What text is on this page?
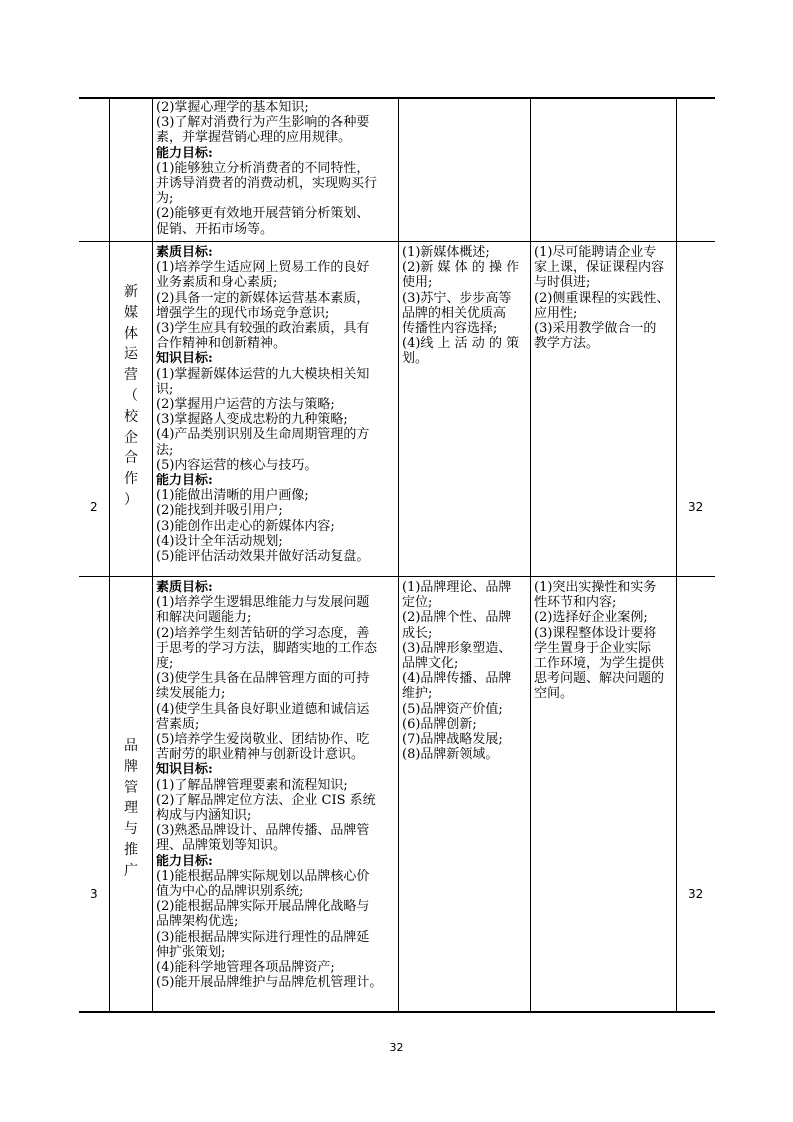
(2)掌握心理学的基本知识;
(3)了解对消费行为产生影响的各种要
素，并掌握营销心理的应用规律。
能力目标:
(1)能够独立分析消费者的不同特性，
并诱导消费者的消费动机，实现购买行
为;
(2)能够更有效地开展营销分析策划、
促销、开拓市场等。
2
新
媒
体
运
营
（
校
企
合
作
）
素质目标:
(1)培养学生适应网上贸易工作的良好
业务素质和身心素质;
(2)具备一定的新媒体运营基本素质，
增强学生的现代市场竞争意识;
(3)学生应具有较强的政治素质，具有
合作精神和创新精神。
知识目标:
(1)掌握新媒体运营的九大模块相关知
识;
(2)掌握用户运营的方法与策略;
(3)掌握路人变成忠粉的九种策略;
(4)产品类别识别及生命周期管理的方
法;
(5)内容运营的核心与技巧。
能力目标:
(1)能做出清晰的用户画像;
(2)能找到并吸引用户;
(3)能创作出走心的新媒体内容;
(4)设计全年活动规划;
(5)能评估活动效果并做好活动复盘。
(1)新媒体概述;
(2)新 媒 体 的 操 作
使用;
(3)苏宁、步步高等
品牌的相关优质高
传播性内容选择;
(4)线 上 活 动 的 策
划。
(1)尽可能聘请企业专
家上课，保证课程内容
与时俱进;
(2)侧重课程的实践性、
应用性;
(3)采用教学做合一的
教学方法。
32
3
品
牌
管
理
与
推
广
素质目标:
(1)培养学生逻辑思维能力与发展问题
和解决问题能力;
(2)培养学生刻苦钻研的学习态度，善
于思考的学习方法，脚踏实地的工作态
度;
(3)使学生具备在品牌管理方面的可持
续发展能力;
(4)使学生具备良好职业道德和诚信运
营素质;
(5)培养学生爱岗敬业、团结协作、吃
苦耐劳的职业精神与创新设计意识。
知识目标:
(1)了解品牌管理要素和流程知识;
(2)了解品牌定位方法、企业 CIS 系统
构成与内涵知识;
(3)熟悉品牌设计、品牌传播、品牌管
理、品牌策划等知识。
能力目标:
(1)能根据品牌实际规划以品牌核心价
值为中心的品牌识别系统;
(2)能根据品牌实际开展品牌化战略与
品牌架构优选;
(3)能根据品牌实际进行理性的品牌延
伸扩张策划;
(4)能科学地管理各项品牌资产;
(5)能开展品牌维护与品牌危机管理计。
(1)品牌理论、品牌
定位;
(2)品牌个性、品牌
成长;
(3)品牌形象塑造、
品牌文化;
(4)品牌传播、品牌
维护;
(5)品牌资产价值;
(6)品牌创新;
(7)品牌战略发展;
(8)品牌新领域。
(1)突出实操性和实务
性环节和内容;
(2)选择好企业案例;
(3)课程整体设计要将
学生置身于企业实际
工作环境，为学生提供
思考问题、解决问题的
空间。
32
32
